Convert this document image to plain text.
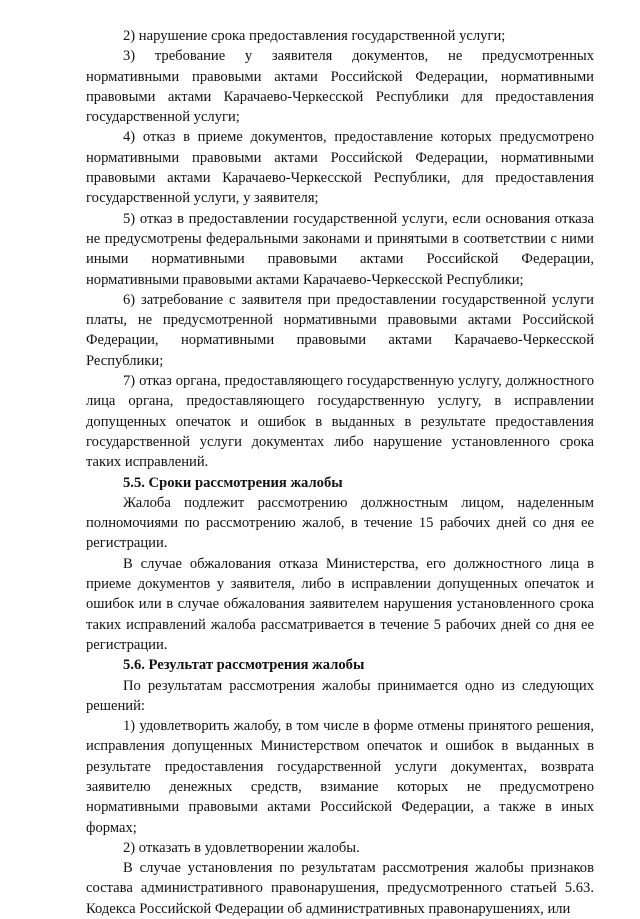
2) нарушение срока предоставления государственной услуги;

3) требование у заявителя документов, не предусмотренных нормативными правовыми актами Российской Федерации, нормативными правовыми актами Карачаево-Черкесской Республики для предоставления государственной услуги;

4) отказ в приеме документов, предоставление которых предусмотрено нормативными правовыми актами Российской Федерации, нормативными правовыми актами Карачаево-Черкесской Республики, для предоставления государственной услуги, у заявителя;

5) отказ в предоставлении государственной услуги, если основания отказа не предусмотрены федеральными законами и принятыми в соответствии с ними иными нормативными правовыми актами Российской Федерации, нормативными правовыми актами Карачаево-Черкесской Республики;

6) затребование с заявителя при предоставлении государственной услуги платы, не предусмотренной нормативными правовыми актами Российской Федерации, нормативными правовыми актами Карачаево-Черкесской Республики;

7) отказ органа, предоставляющего государственную услугу, должностного лица органа, предоставляющего государственную услугу, в исправлении допущенных опечаток и ошибок в выданных в результате предоставления государственной услуги документах либо нарушение установленного срока таких исправлений.

5.5. Сроки рассмотрения жалобы

Жалоба подлежит рассмотрению должностным лицом, наделенным полномочиями по рассмотрению жалоб, в течение 15 рабочих дней со дня ее регистрации.

В случае обжалования отказа Министерства, его должностного лица в приеме документов у заявителя, либо в исправлении допущенных опечаток и ошибок или в случае обжалования заявителем нарушения установленного срока таких исправлений жалоба рассматривается в течение 5 рабочих дней со дня ее регистрации.

5.6. Результат рассмотрения жалобы

По результатам рассмотрения жалобы принимается одно из следующих решений:

1) удовлетворить жалобу, в том числе в форме отмены принятого решения, исправления допущенных Министерством опечаток и ошибок в выданных в результате предоставления государственной услуги документах, возврата заявителю денежных средств, взимание которых не предусмотрено нормативными правовыми актами Российской Федерации, а также в иных формах;

2) отказать в удовлетворении жалобы.

В случае установления по результатам рассмотрения жалобы признаков состава административного правонарушения, предусмотренного статьей 5.63. Кодекса Российской Федерации об административных правонарушениях, или
